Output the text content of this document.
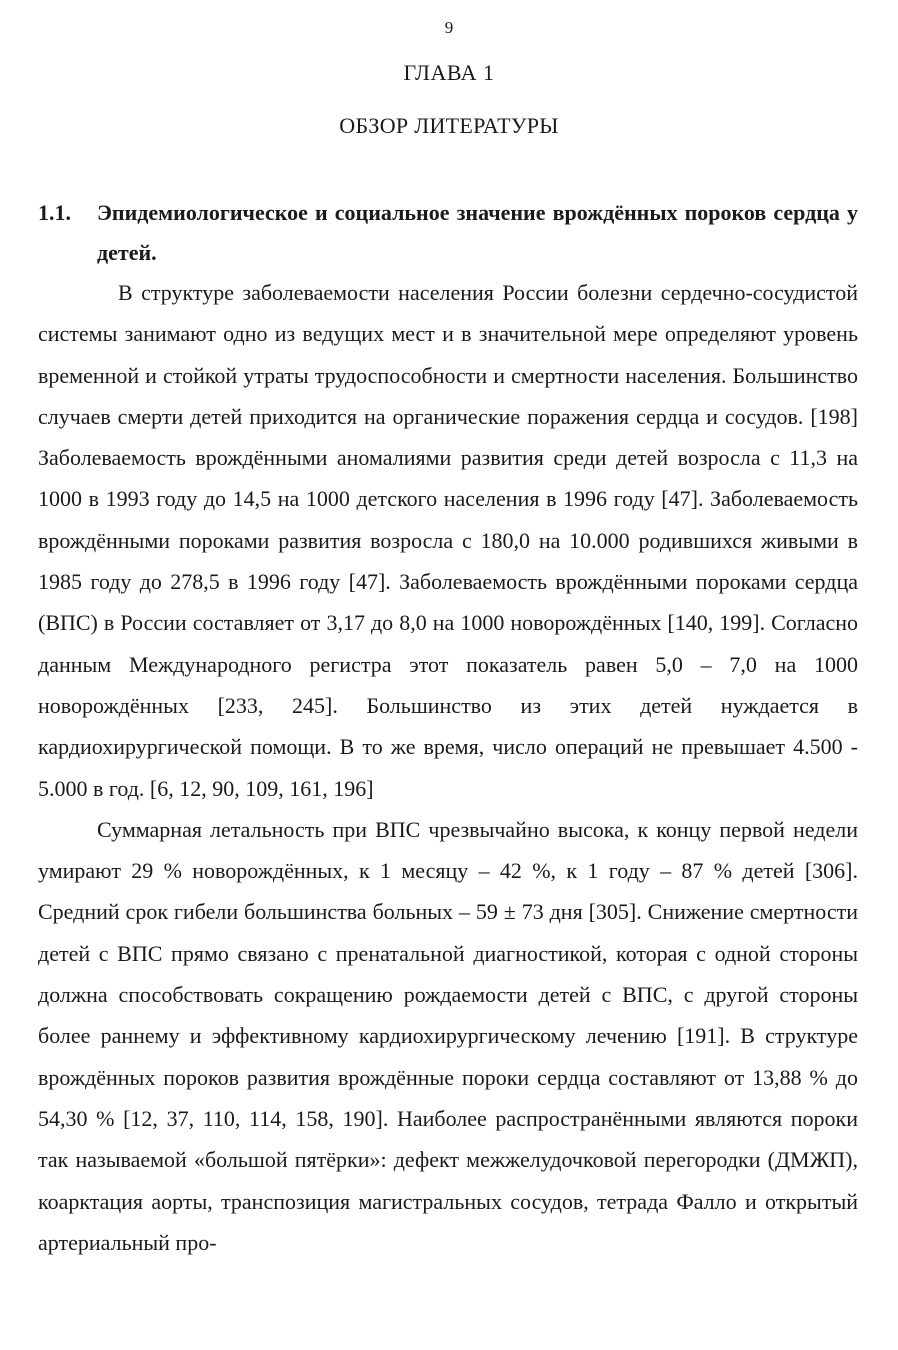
9
ГЛАВА 1
ОБЗОР ЛИТЕРАТУРЫ
1.1. Эпидемиологическое и социальное значение врождённых пороков сердца у детей.

В структуре заболеваемости населения России болезни сердечно-сосудистой системы занимают одно из ведущих мест и в значительной мере определяют уровень временной и стойкой утраты трудоспособности и смертности населения. Большинство случаев смерти детей приходится на органические поражения сердца и сосудов. [198] Заболеваемость врождёнными аномалиями развития среди детей возросла с 11,3 на 1000 в 1993 году до 14,5 на 1000 детского населения в 1996 году [47]. Заболеваемость врождёнными пороками развития возросла с 180,0 на 10.000 родившихся живыми в 1985 году до 278,5 в 1996 году [47]. Заболеваемость врождёнными пороками сердца (ВПС) в России составляет от 3,17 до 8,0 на 1000 новорождённых [140, 199]. Согласно данным Международного регистра этот показатель равен 5,0 – 7,0 на 1000 новорождённых [233, 245]. Большинство из этих детей нуждается в кардиохирургической помощи. В то же время, число операций не превышает 4.500 - 5.000 в год. [6, 12, 90, 109, 161, 196]

Суммарная летальность при ВПС чрезвычайно высока, к концу первой недели умирают 29 % новорождённых, к 1 месяцу – 42 %, к 1 году – 87 % детей [306]. Средний срок гибели большинства больных – 59 ± 73 дня [305]. Снижение смертности детей с ВПС прямо связано с пренатальной диагностикой, которая с одной стороны должна способствовать сокращению рождаемости детей с ВПС, с другой стороны более раннему и эффективному кардиохирургическому лечению [191]. В структуре врождённых пороков развития врождённые пороки сердца составляют от 13,88 % до 54,30 % [12, 37, 110, 114, 158, 190]. Наиболее распространёнными являются пороки так называемой «большой пятёрки»: дефект межжелудочковой перегородки (ДМЖП), коарктация аорты, транспозиция магистральных сосудов, тетрада Фалло и открытый артериальный про-
